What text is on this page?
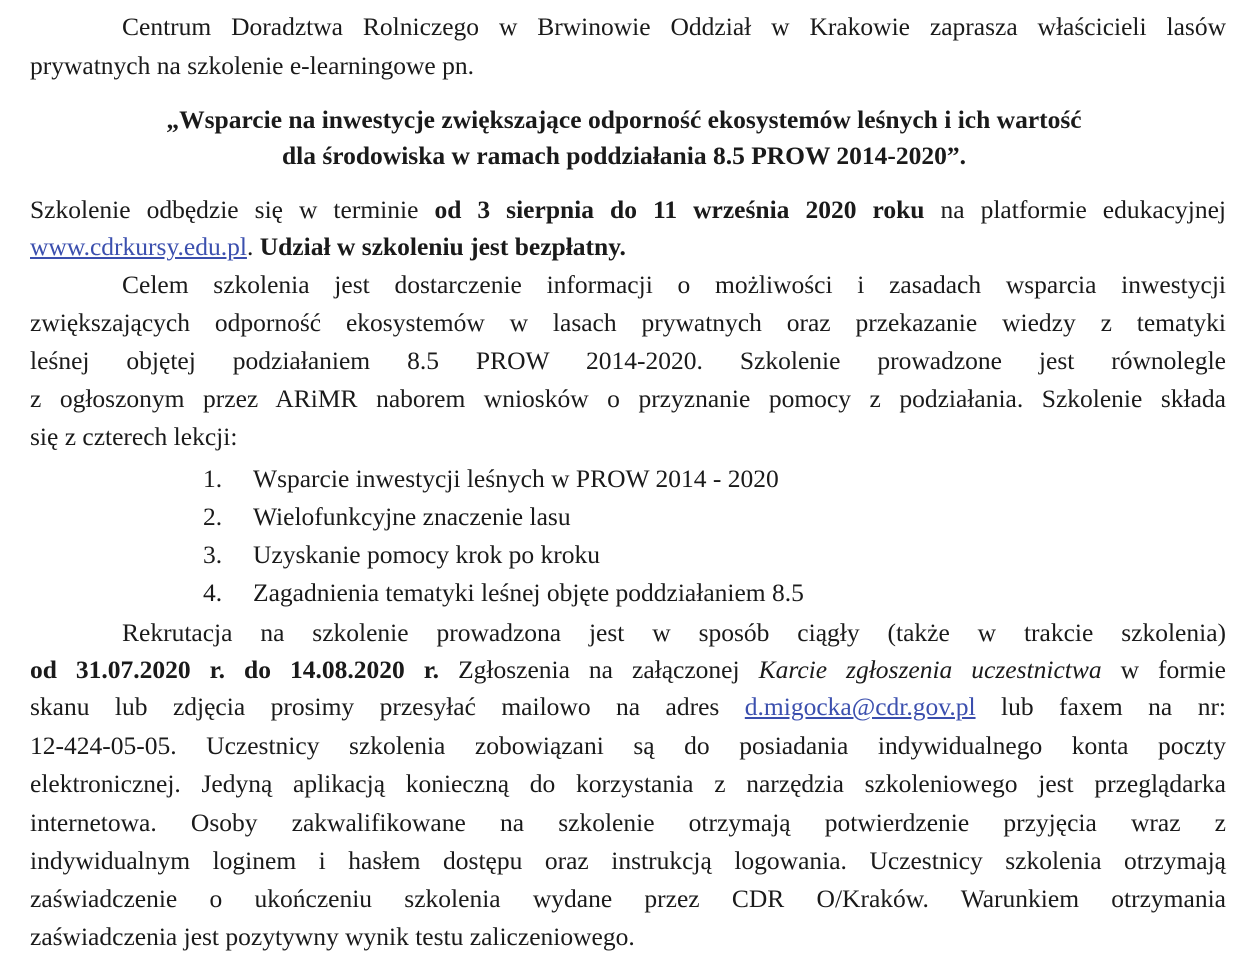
Centrum Doradztwa Rolniczego w Brwinowie Oddział w Krakowie zaprasza właścicieli lasów
prywatnych na szkolenie e-learningowe pn.
„Wsparcie na inwestycje zwiększające odporność ekosystemów leśnych i ich wartość
dla środowiska w ramach poddziałania 8.5 PROW 2014-2020”.
Szkolenie odbędzie się w terminie od 3 sierpnia do 11 września 2020 roku na platformie edukacyjnej
www.cdrkursy.edu.pl. Udział w szkoleniu jest bezpłatny.
Celem szkolenia jest dostarczenie informacji o możliwości i zasadach wsparcia inwestycji
zwiększających odporność ekosystemów w lasach prywatnych oraz przekazanie wiedzy z tematyki
leśnej objętej podziałaniem 8.5 PROW 2014-2020. Szkolenie prowadzone jest równolegle
z ogłoszonym przez ARiMR naborem wniosków o przyznanie pomocy z podziałania. Szkolenie składa
się z czterech lekcji:
1. Wsparcie inwestycji leśnych w PROW 2014 - 2020
2. Wielofunkcyjne znaczenie lasu
3. Uzyskanie pomocy krok po kroku
4. Zagadnienia tematyki leśnej objęte poddziałaniem 8.5
Rekrutacja na szkolenie prowadzona jest w sposób ciągły (także w trakcie szkolenia)
od 31.07.2020 r. do 14.08.2020 r. Zgłoszenia na załączonej Karcie zgłoszenia uczestnictwa w formie
skanu lub zdjęcia prosimy przesyłać mailowo na adres d.migocka@cdr.gov.pl lub faxem na nr:
12-424-05-05. Uczestnicy szkolenia zobowiązani są do posiadania indywidualnego konta poczty
elektronicznej. Jedyną aplikacją konieczną do korzystania z narzędzia szkoleniowego jest przeglądarka
internetowa. Osoby zakwalifikowane na szkolenie otrzymają potwierdzenie przyjęcia wraz z
indywidualnym loginem i hasłem dostępu oraz instrukcją logowania. Uczestnicy szkolenia otrzymają
zaświadczenie o ukończeniu szkolenia wydane przez CDR O/Kraków. Warunkiem otrzymania
zaświadczenia jest pozytywny wynik testu zaliczeniowego.
